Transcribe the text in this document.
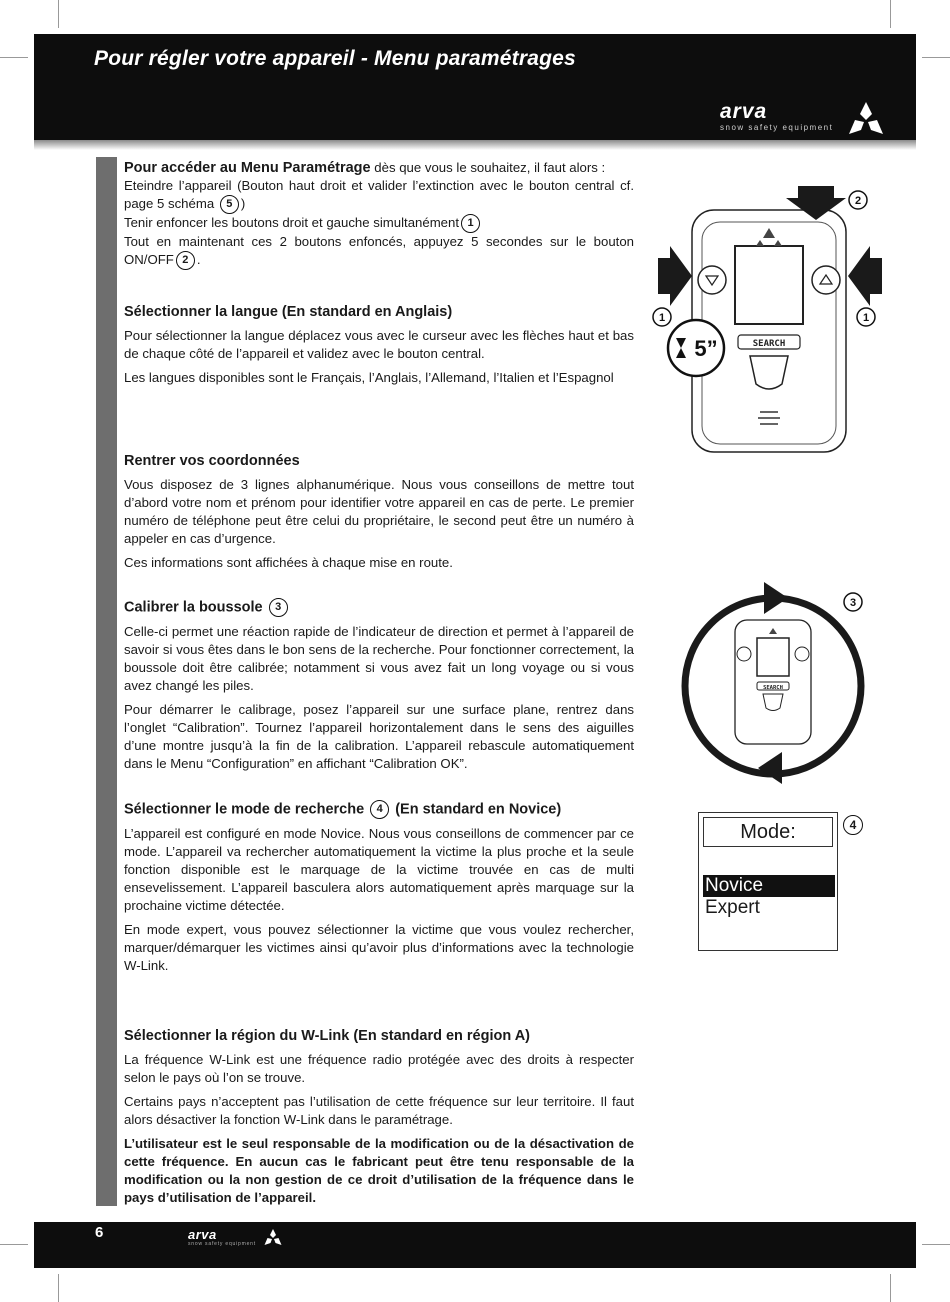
Pour régler votre appareil - Menu paramétrages
arva
snow safety equipment

Pour accéder au Menu Paramétrage dès que vous le souhaitez, il faut alors :
Eteindre l’appareil (Bouton haut droit et valider l’extinction avec le bouton central cf. page 5 schéma 5 )
Tenir enfoncer les boutons droit et gauche simultanément 1
Tout en maintenant ces 2 boutons enfoncés, appuyez 5 secondes sur le bouton ON/OFF 2 .

Sélectionner la langue (En standard en Anglais)

Pour sélectionner la langue déplacez vous avec le curseur avec les flèches haut et bas de chaque côté de l’appareil et validez avec le bouton central.

Les langues disponibles sont le Français, l’Anglais, l’Allemand, l’Italien et l’Espagnol

Rentrer vos coordonnées

Vous disposez de 3 lignes alphanumérique. Nous vous conseillons de mettre tout d’abord votre nom et prénom pour identifier votre appareil en cas de perte. Le premier numéro de téléphone peut être celui du propriétaire, le second peut être un numéro à appeler en cas d’urgence.

Ces informations sont affichées à chaque mise en route.

Calibrer la boussole 3

Celle-ci permet une réaction rapide de l’indicateur de direction et permet à l’appareil de savoir si vous êtes dans le bon sens de la recherche. Pour fonctionner correctement, la boussole doit être calibrée; notamment si vous avez fait un long voyage ou si vous avez changé les piles.

Pour démarrer le calibrage, posez l’appareil sur une surface plane, rentrez dans l’onglet “Calibration”. Tournez l’appareil horizontalement dans le sens des aiguilles d’une montre jusqu’à la fin de la calibration. L’appareil rebascule automatiquement dans le Menu “Configuration” en affichant “Calibration OK”.

Sélectionner le mode de recherche 4 (En standard en Novice)

L’appareil est configuré en mode Novice. Nous vous conseillons de commencer par ce mode. L’appareil va rechercher automatiquement la victime la plus proche et la seule fonction disponible est le marquage de la victime trouvée en cas de multi ensevelissement. L’appareil basculera alors automatiquement après marquage sur la prochaine victime détectée.

En mode expert, vous pouvez sélectionner la victime que vous voulez rechercher, marquer/démarquer les victimes ainsi qu’avoir plus d’informations avec la technologie W-Link.

Sélectionner la région du W-Link (En standard en région A)

La fréquence W-Link est une fréquence radio protégée avec des droits à respecter selon le pays où l’on se trouve.

Certains pays n’acceptent pas l’utilisation de cette fréquence sur leur territoire. Il faut alors désactiver la fonction W-Link dans le paramétrage.

L’utilisateur est le seul responsable de la modification ou de la désactivation de cette fréquence. En aucun cas le fabricant peut être tenu responsable de la modification ou la non gestion de ce droit d’utilisation de la fréquence dans le pays d’utilisation de l’appareil.

SEARCH
5”
2
1	1
SEARCH
3
Mode:
Novice
Expert
4
6	arva
snow safety equipment
